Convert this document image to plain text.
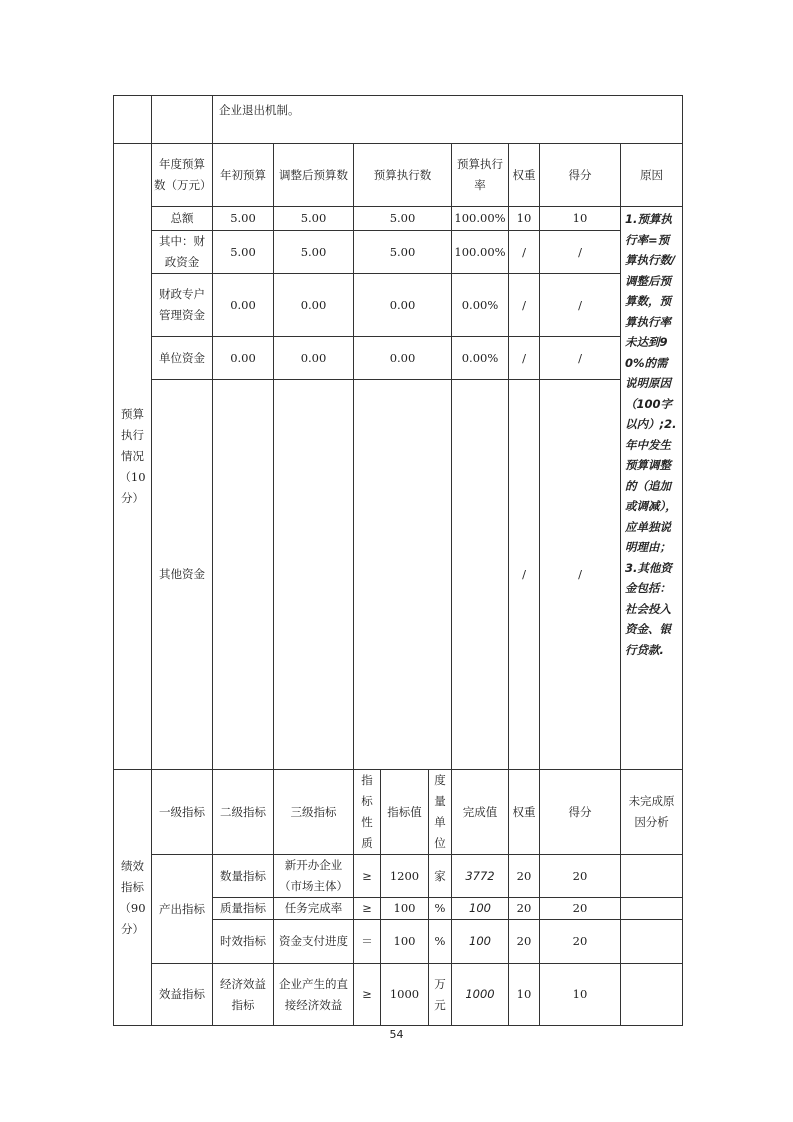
		企业退出机制。								
预算执行情况（10分）	年度预算数（万元）	年初预算	调整后预算数	预算执行数			预算执行率	权重	得分	原因
	总额	5.00	5.00	5.00			100.00%	10	10	1.预算执行率=预算执行数/调整后预算数，预算执行率未达到90%的需说明原因（100字以内）;2.年中发生预算调整的（追加或调减），应单独说明理由；3.其他资金包括：社会投入资金、银行贷款.
	其中：财政资金	5.00	5.00	5.00			100.00%	/	/	
	财政专户管理资金	0.00	0.00	0.00			0.00%	/	/	
	单位资金	0.00	0.00	0.00			0.00%	/	/	
	其他资金							/	/	
绩效指标（90分）	一级指标	二级指标	三级指标	指标性质	指标值	度量单位	完成值	权重	得分	未完成原因分析
	产出指标	数量指标	新开办企业（市场主体）	≥	1200	家	3772	20	20	
		质量指标	任务完成率	≥	100	%	100	20	20	
		时效指标	资金支付进度	＝	100	%	100	20	20	
	效益指标	经济效益指标	企业产生的直接经济效益	≥	1000	万元	1000	10	10	
54
